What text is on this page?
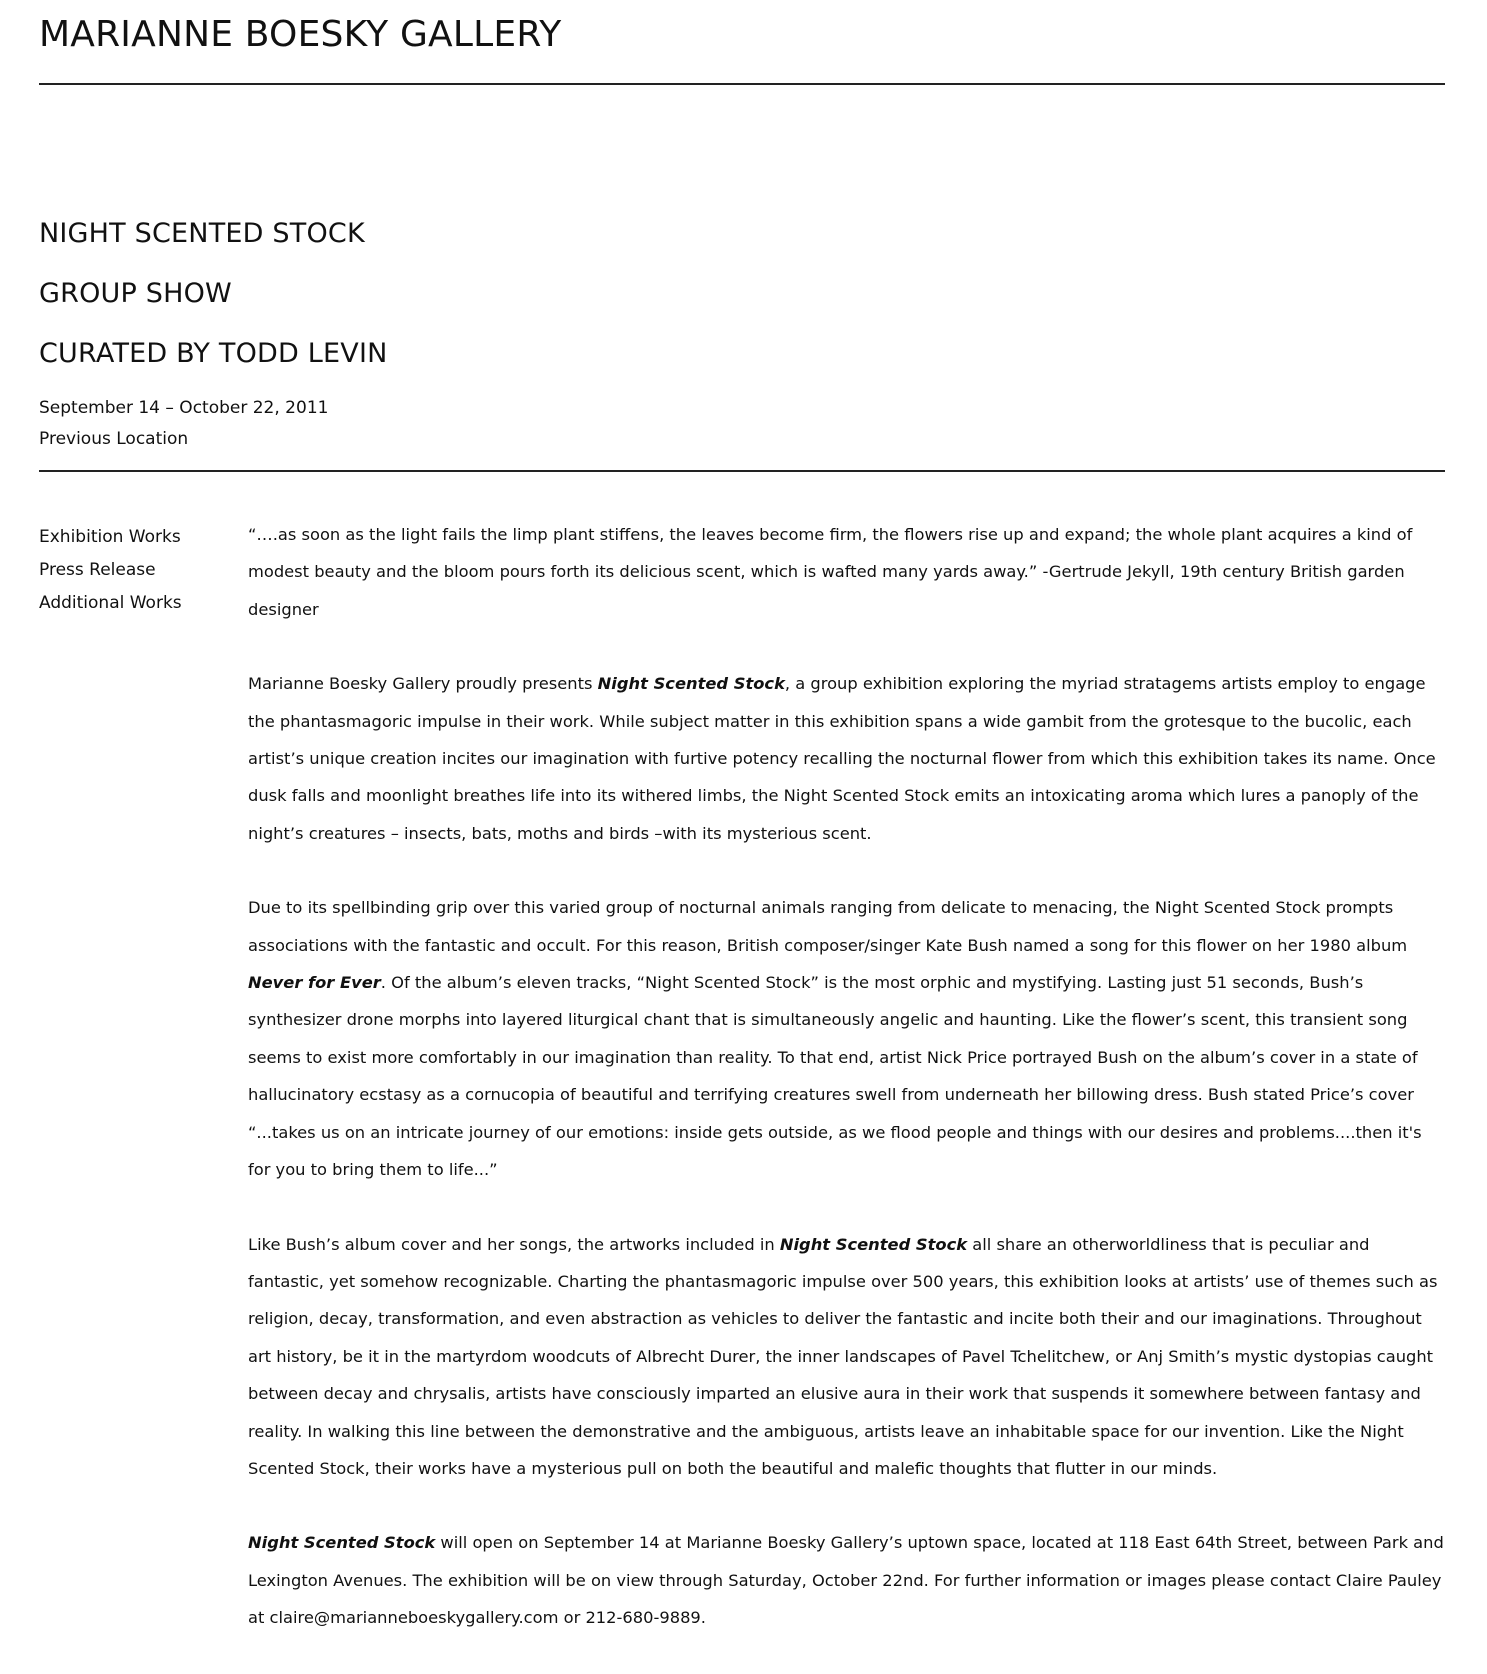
MARIANNE BOESKY GALLERY
NIGHT SCENTED STOCK
GROUP SHOW
CURATED BY TODD LEVIN
September 14 – October 22, 2011
Previous Location
Exhibition Works
Press Release
Additional Works

“….as soon as the light fails the limp plant stiffens, the leaves become firm, the flowers rise up and expand; the whole plant acquires a kind of modest beauty and the bloom pours forth its delicious scent, which is wafted many yards away.” -Gertrude Jekyll, 19th century British garden designer

Marianne Boesky Gallery proudly presents Night Scented Stock, a group exhibition exploring the myriad stratagems artists employ to engage the phantasmagoric impulse in their work. While subject matter in this exhibition spans a wide gambit from the grotesque to the bucolic, each artist’s unique creation incites our imagination with furtive potency recalling the nocturnal flower from which this exhibition takes its name. Once dusk falls and moonlight breathes life into its withered limbs, the Night Scented Stock emits an intoxicating aroma which lures a panoply of the night’s creatures – insects, bats, moths and birds –with its mysterious scent.

Due to its spellbinding grip over this varied group of nocturnal animals ranging from delicate to menacing, the Night Scented Stock prompts associations with the fantastic and occult. For this reason, British composer/singer Kate Bush named a song for this flower on her 1980 album Never for Ever. Of the album’s eleven tracks, “Night Scented Stock” is the most orphic and mystifying. Lasting just 51 seconds, Bush’s synthesizer drone morphs into layered liturgical chant that is simultaneously angelic and haunting. Like the flower’s scent, this transient song seems to exist more comfortably in our imagination than reality. To that end, artist Nick Price portrayed Bush on the album’s cover in a state of hallucinatory ecstasy as a cornucopia of beautiful and terrifying creatures swell from underneath her billowing dress. Bush stated Price’s cover “...takes us on an intricate journey of our emotions: inside gets outside, as we flood people and things with our desires and problems....then it's for you to bring them to life...”

Like Bush’s album cover and her songs, the artworks included in Night Scented Stock all share an otherworldliness that is peculiar and fantastic, yet somehow recognizable. Charting the phantasmagoric impulse over 500 years, this exhibition looks at artists’ use of themes such as religion, decay, transformation, and even abstraction as vehicles to deliver the fantastic and incite both their and our imaginations. Throughout art history, be it in the martyrdom woodcuts of Albrecht Durer, the inner landscapes of Pavel Tchelitchew, or Anj Smith’s mystic dystopias caught between decay and chrysalis, artists have consciously imparted an elusive aura in their work that suspends it somewhere between fantasy and reality. In walking this line between the demonstrative and the ambiguous, artists leave an inhabitable space for our invention. Like the Night Scented Stock, their works have a mysterious pull on both the beautiful and malefic thoughts that flutter in our minds.

Night Scented Stock will open on September 14 at Marianne Boesky Gallery’s uptown space, located at 118 East 64th Street, between Park and Lexington Avenues. The exhibition will be on view through Saturday, October 22nd. For further information or images please contact Claire Pauley at claire@marianneboeskygallery.com or 212-680-9889.
